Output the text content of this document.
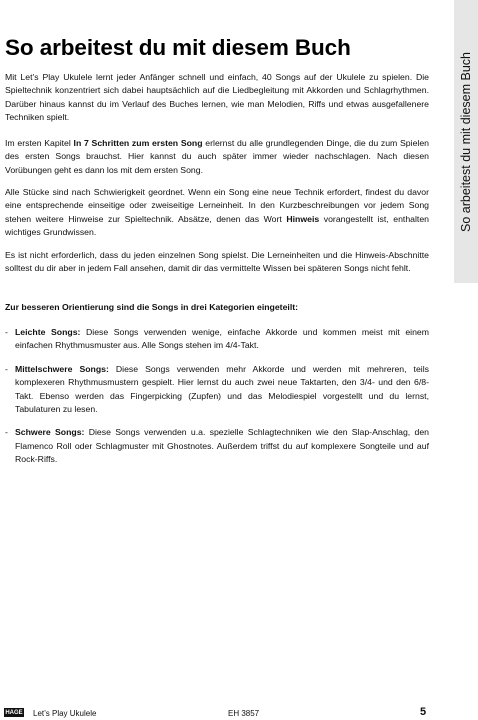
So arbeitest du mit diesem Buch
So arbeitest du mit diesem Buch

Mit Let’s Play Ukulele lernt jeder Anfänger schnell und einfach, 40 Songs auf der Ukulele zu spielen. Die Spieltechnik konzentriert sich dabei hauptsächlich auf die Liedbegleitung mit Akkorden und Schlagrhythmen. Darüber hinaus kannst du im Verlauf des Buches lernen, wie man Melodien, Riffs und etwas ausgefallenere Techniken spielt.

Im ersten Kapitel In 7 Schritten zum ersten Song erlernst du alle grundlegenden Dinge, die du zum Spielen des ersten Songs brauchst. Hier kannst du auch später immer wieder nachschlagen. Nach diesen Vorübungen geht es dann los mit dem ersten Song.

Alle Stücke sind nach Schwierigkeit geordnet. Wenn ein Song eine neue Technik erfordert, findest du davor eine entsprechende einseitige oder zweiseitige Lerneinheit. In den Kurzbeschreibungen vor jedem Song stehen weitere Hinweise zur Spieltechnik. Absätze, denen das Wort Hinweis vorangestellt ist, enthalten wichtiges Grundwissen.

Es ist nicht erforderlich, dass du jeden einzelnen Song spielst. Die Lerneinheiten und die Hinweis-Abschnitte solltest du dir aber in jedem Fall ansehen, damit dir das vermittelte Wissen bei späteren Songs nicht fehlt.

Zur besseren Orientierung sind die Songs in drei Kategorien eingeteilt:

- Leichte Songs: Diese Songs verwenden wenige, einfache Akkorde und kommen meist mit einem einfachen Rhythmusmuster aus. Alle Songs stehen im 4/4-Takt.
- Mittelschwere Songs: Diese Songs verwenden mehr Akkorde und werden mit mehreren, teils komplexeren Rhythmusmustern gespielt. Hier lernst du auch zwei neue Taktarten, den 3/4- und den 6/8-Takt. Ebenso werden das Fingerpicking (Zupfen) und das Melodiespiel vorgestellt und du lernst, Tabulaturen zu lesen.
- Schwere Songs: Diese Songs verwenden u.a. spezielle Schlagtechniken wie den Slap-Anschlag, den Flamenco Roll oder Schlagmuster mit Ghostnotes. Außerdem triffst du auf komplexere Songteile und auf Rock-Riffs.
HAGE Let’s Play Ukulele	EH 3857	5
